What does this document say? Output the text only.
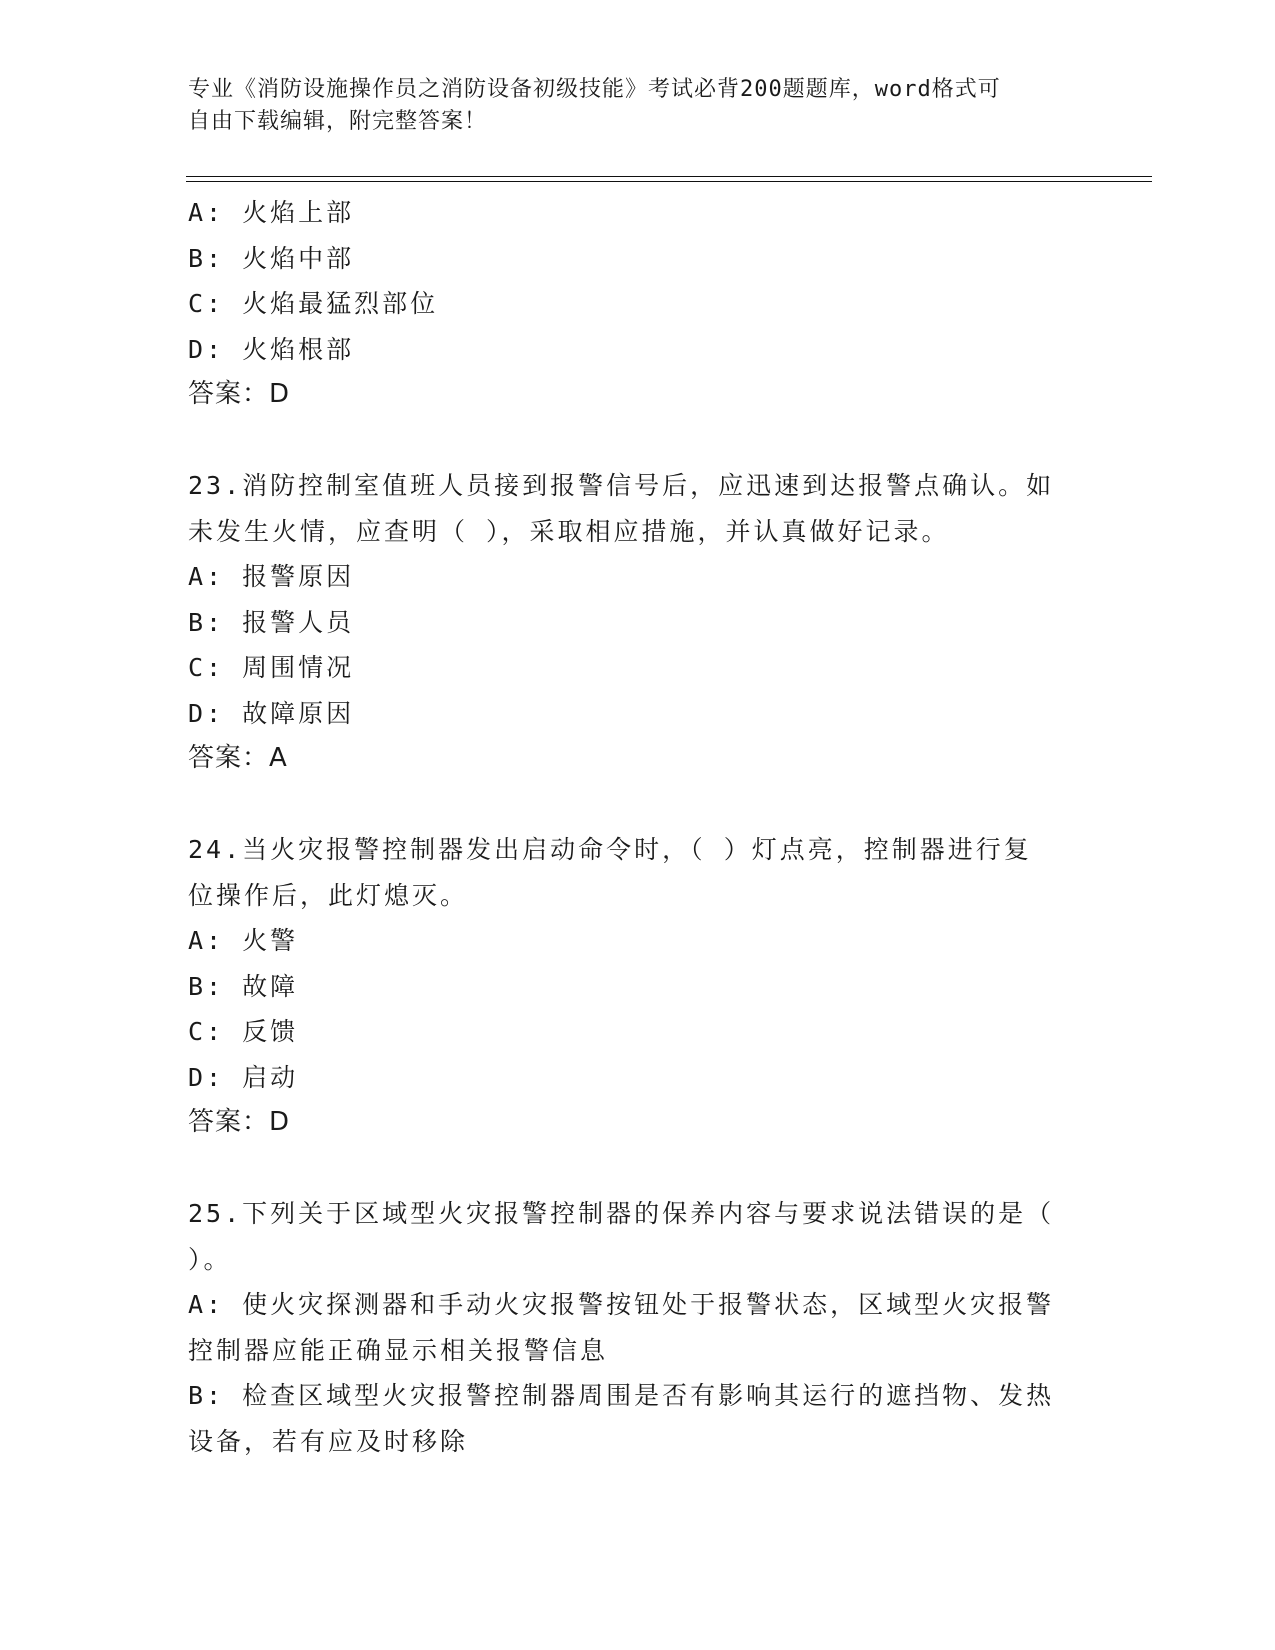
专业《消防设施操作员之消防设备初级技能》考试必背200题题库，word格式可
自由下载编辑，附完整答案！
A: 火焰上部
B: 火焰中部
C: 火焰最猛烈部位
D: 火焰根部
答案：D
23.消防控制室值班人员接到报警信号后，应迅速到达报警点确认。如
未发生火情，应查明（ ），采取相应措施，并认真做好记录。
A: 报警原因
B: 报警人员
C: 周围情况
D: 故障原因
答案：A
24.当火灾报警控制器发出启动命令时，（ ）灯点亮，控制器进行复
位操作后，此灯熄灭。
A: 火警
B: 故障
C: 反馈
D: 启动
答案：D
25.下列关于区域型火灾报警控制器的保养内容与要求说法错误的是（
）。
A: 使火灾探测器和手动火灾报警按钮处于报警状态，区域型火灾报警
控制器应能正确显示相关报警信息
B: 检查区域型火灾报警控制器周围是否有影响其运行的遮挡物、发热
设备，若有应及时移除
